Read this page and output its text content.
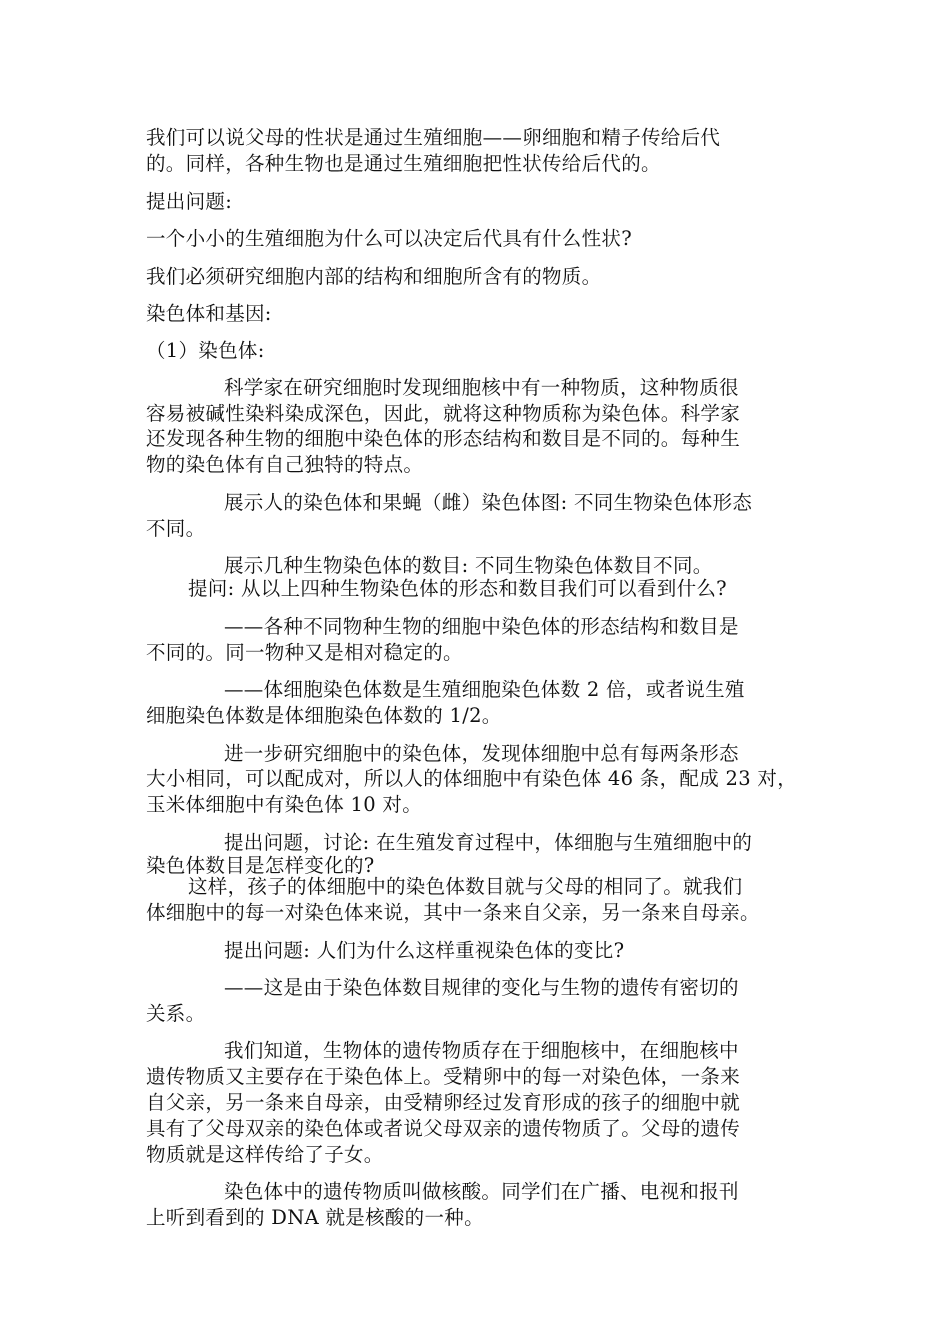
我们可以说父母的性状是通过生殖细胞——卵细胞和精子传给后代
的。同样，各种生物也是通过生殖细胞把性状传给后代的。
提出问题:
一个小小的生殖细胞为什么可以决定后代具有什么性状?
我们必须研究细胞内部的结构和细胞所含有的物质。
染色体和基因:
（1）染色体:
科学家在研究细胞时发现细胞核中有一种物质，这种物质很
容易被碱性染料染成深色，因此，就将这种物质称为染色体。科学家
还发现各种生物的细胞中染色体的形态结构和数目是不同的。每种生
物的染色体有自己独特的特点。
展示人的染色体和果蝇（雌）染色体图: 不同生物染色体形态
不同。
展示几种生物染色体的数目: 不同生物染色体数目不同。
提问: 从以上四种生物染色体的形态和数目我们可以看到什么?
——各种不同物种生物的细胞中染色体的形态结构和数目是
不同的。同一物种又是相对稳定的。
——体细胞染色体数是生殖细胞染色体数 2 倍，或者说生殖
细胞染色体数是体细胞染色体数的 1/2。
进一步研究细胞中的染色体，发现体细胞中总有每两条形态
大小相同，可以配成对，所以人的体细胞中有染色体 46 条，配成 23 对，
玉米体细胞中有染色体 10 对。
提出问题，讨论: 在生殖发育过程中，体细胞与生殖细胞中的
染色体数目是怎样变化的?
这样，孩子的体细胞中的染色体数目就与父母的相同了。就我们
体细胞中的每一对染色体来说，其中一条来自父亲，另一条来自母亲。
提出问题: 人们为什么这样重视染色体的变比?
——这是由于染色体数目规律的变化与生物的遗传有密切的
关系。
我们知道，生物体的遗传物质存在于细胞核中，在细胞核中
遗传物质又主要存在于染色体上。受精卵中的每一对染色体，一条来
自父亲，另一条来自母亲，由受精卵经过发育形成的孩子的细胞中就
具有了父母双亲的染色体或者说父母双亲的遗传物质了。父母的遗传
物质就是这样传给了子女。
染色体中的遗传物质叫做核酸。同学们在广播、电视和报刊
上听到看到的 DNA 就是核酸的一种。
